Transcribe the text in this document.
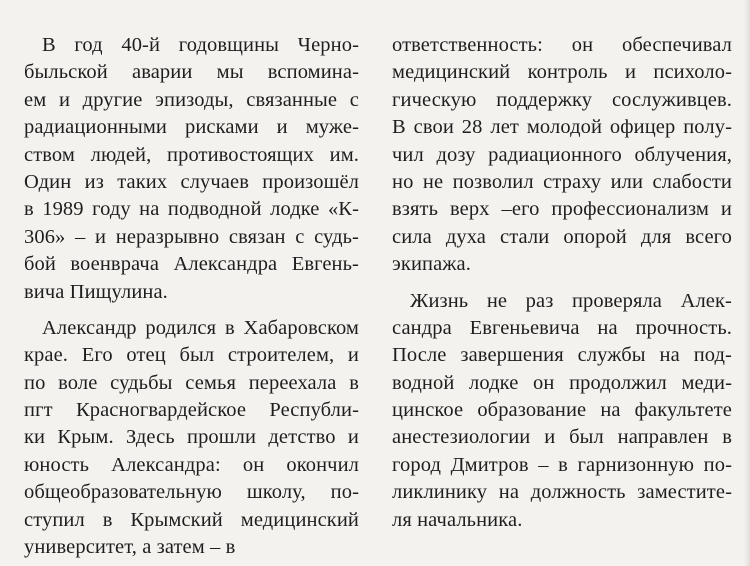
В год 40-й годовщины Черно-
быльской аварии мы вспомина-
ем и другие эпизоды, связанные с
радиационными рисками и муже-
ством людей, противостоящих им.
Один из таких случаев произошёл
в 1989 году на подводной лодке «К-
306» – и неразрывно связан с судь-
бой военврача Александра Евгень-
вича Пищулина.
Александр родился в Хабаровском
крае. Его отец был строителем, и
по воле судьбы семья переехала в
пгт Красногвардейское Республи-
ки Крым. Здесь прошли детство и
юность Александра: он окончил
общеобразовательную школу, по-
ступил в Крымский медицинский
университет, а затем – в
ответственность: он обеспечивал
медицинский контроль и психоло-
гическую поддержку сослуживцев.
В свои 28 лет молодой офицер полу-
чил дозу радиационного облучения,
но не позволил страху или слабости
взять верх –его профессионализм и
сила духа стали опорой для всего
экипажа.
Жизнь не раз проверяла Алек-
сандра Евгеньевича на прочность.
После завершения службы на под-
водной лодке он продолжил меди-
цинское образование на факультете
анестезиологии и был направлен в
город Дмитров – в гарнизонную по-
ликлинику на должность заместите-
ля начальника.
